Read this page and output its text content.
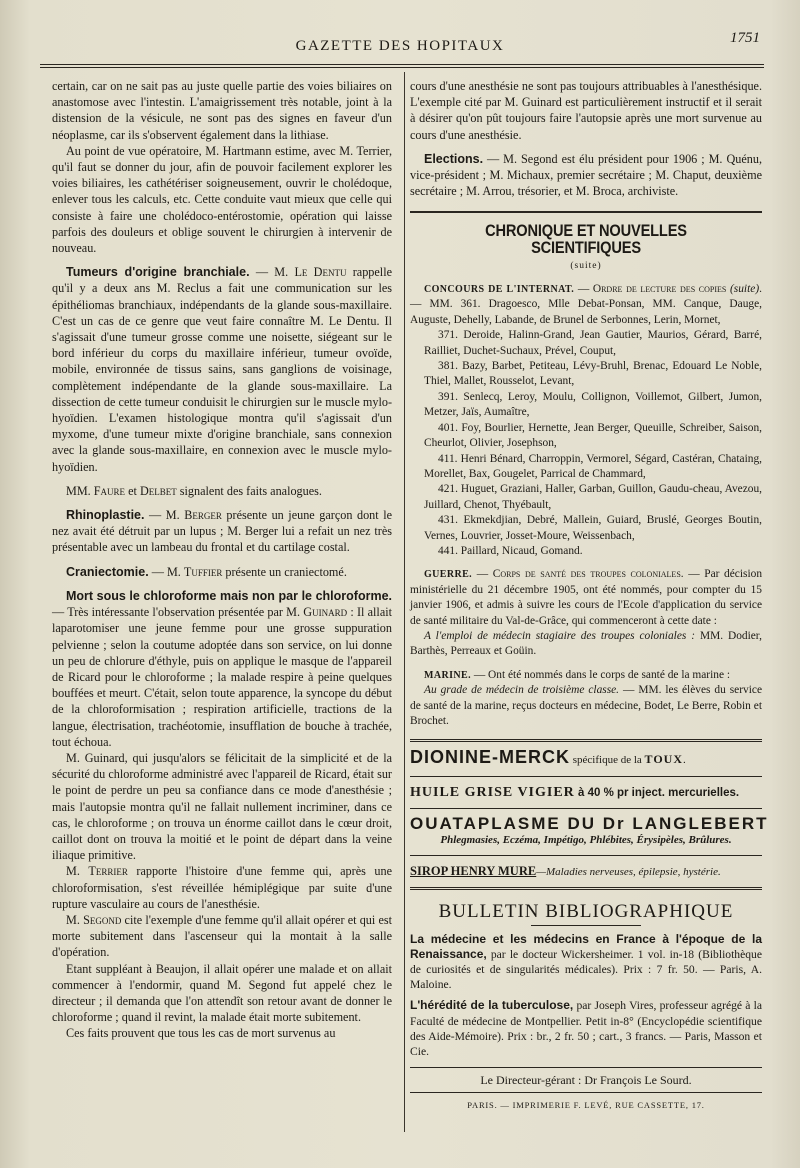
1751
GAZETTE DES HOPITAUX

certain, car on ne sait pas au juste quelle partie des voies biliaires on anastomose avec l'intestin. L'amaigrissement très notable, joint à la distension de la vésicule, ne sont pas des signes en faveur d'un néoplasme, car ils s'observent également dans la lithiase.

Au point de vue opératoire, M. Hartmann estime, avec M. Terrier, qu'il faut se donner du jour, afin de pouvoir facilement explorer les voies biliaires, les cathétériser soigneusement, ouvrir le cholédoque, enlever tous les calculs, etc. Cette conduite vaut mieux que celle qui consiste à faire une cholédoco-entérostomie, opération qui laisse parfois des douleurs et oblige souvent le chirurgien à intervenir de nouveau.

Tumeurs d'origine branchiale. — M. Le Dentu rappelle qu'il y a deux ans M. Reclus a fait une communication sur les épithéliomas branchiaux, indépendants de la glande sous-maxillaire. C'est un cas de ce genre que veut faire connaître M. Le Dentu. Il s'agissait d'une tumeur grosse comme une noisette, siégeant sur le bord inférieur du corps du maxillaire inférieur, tumeur ovoïde, mobile, environnée de tissus sains, sans ganglions de voisinage, complètement indépendante de la glande sous-maxillaire. La dissection de cette tumeur conduisit le chirurgien sur le muscle mylo-hyoïdien. L'examen histologique montra qu'il s'agissait d'un myxome, d'une tumeur mixte d'origine branchiale, sans connexion avec la glande sous-maxillaire, en connexion avec le muscle mylo-hyoïdien.

MM. Faure et Delbet signalent des faits analogues.

Rhinoplastie. — M. Berger présente un jeune garçon dont le nez avait été détruit par un lupus ; M. Berger lui a refait un nez très présentable avec un lambeau du frontal et du cartilage costal.

Craniectomie. — M. Tuffier présente un craniectomé.

Mort sous le chloroforme mais non par le chloroforme. — Très intéressante l'observation présentée par M. Guinard : Il allait laparotomiser une jeune femme pour une grosse suppuration pelvienne ; selon la coutume adoptée dans son service, on lui donne un peu de chlorure d'éthyle, puis on applique le masque de l'appareil de Ricard pour le chloroforme ; la malade respire à peine quelques bouffées et meurt. C'était, selon toute apparence, la syncope du début de la chloroformisation ; respiration artificielle, tractions de la langue, électrisation, trachéotomie, insufflation de bouche à trachée, tout échoua.

M. Guinard, qui jusqu'alors se félicitait de la simplicité et de la sécurité du chloroforme administré avec l'appareil de Ricard, était sur le point de perdre un peu sa confiance dans ce mode d'anesthésie ; mais l'autopsie montra qu'il ne fallait nullement incriminer, dans ce cas, le chloroforme ; on trouva un énorme caillot dans le cœur droit, caillot dont on trouva la moitié et le point de départ dans la veine iliaque primitive.

M. Terrier rapporte l'histoire d'une femme qui, après une chloroformisation, s'est réveillée hémiplégique par suite d'une rupture vasculaire au cours de l'anesthésie.

M. Segond cite l'exemple d'une femme qu'il allait opérer et qui est morte subitement dans l'ascenseur qui la montait à la salle d'opération.

Etant suppléant à Beaujon, il allait opérer une malade et on allait commencer à l'endormir, quand M. Segond fut appelé chez le directeur ; il demanda que l'on attendît son retour avant de donner le chloroforme ; quand il revint, la malade était morte subitement.

Ces faits prouvent que tous les cas de mort survenus au

cours d'une anesthésie ne sont pas toujours attribuables à l'anesthésique. L'exemple cité par M. Guinard est particulièrement instructif et il serait à désirer qu'on pût toujours faire l'autopsie après une mort survenue au cours d'une anesthésie.

Elections. — M. Segond est élu président pour 1906 ; M. Quénu, vice-président ; M. Michaux, premier secrétaire ; M. Chaput, deuxième secrétaire ; M. Arrou, trésorier, et M. Broca, archiviste.

CHRONIQUE ET NOUVELLES SCIENTIFIQUES
( suite )

CONCOURS DE L'INTERNAT. — Ordre de lecture des copies (suite). — MM. 361. Dragoesco, Mlle Debat-Ponsan, MM. Canque, Dauge, Auguste, Dehelly, Labande, de Brunel de Serbonnes, Lerin, Mornet,

371. Deroide, Halinn-Grand, Jean Gautier, Maurios, Gérard, Barré, Railliet, Duchet-Suchaux, Prével, Couput,

381. Bazy, Barbet, Petiteau, Lévy-Bruhl, Brenac, Edouard Le Noble, Thiel, Mallet, Rousselot, Levant,

391. Senlecq, Leroy, Moulu, Collignon, Voillemot, Gilbert, Jumon, Metzer, Jaïs, Aumaître,

401. Foy, Bourlier, Hernette, Jean Berger, Queuille, Schreiber, Saison, Cheurlot, Olivier, Josephson,

411. Henri Bénard, Charroppin, Vermorel, Ségard, Castéran, Chataing, Morellet, Bax, Gougelet, Parrical de Chammard,

421. Huguet, Graziani, Haller, Garban, Guillon, Gaudu-cheau, Avezou, Juillard, Chenot, Thyébault,

431. Ekmekdjian, Debré, Mallein, Guiard, Bruslé, Georges Boutin, Vernes, Louvrier, Josset-Moure, Weissenbach,

441. Paillard, Nicaud, Gomand.

GUERRE. — Corps de santé des troupes coloniales. — Par décision ministérielle du 21 décembre 1905, ont été nommés, pour compter du 15 janvier 1906, et admis à suivre les cours de l'Ecole d'application du service de santé militaire du Val-de-Grâce, qui commenceront à cette date :

A l'emploi de médecin stagiaire des troupes coloniales : MM. Dodier, Barthès, Perreaux et Goüin.

MARINE. — Ont été nommés dans le corps de santé de la marine :

Au grade de médecin de troisième classe. — MM. les élèves du service de santé de la marine, reçus docteurs en médecine, Bodet, Le Berre, Robin et Brochet.

DIONINE-MERCK spécifique de la TOUX.
HUILE GRISE VIGIER à 40 % pr inject. mercurielles.
OUATAPLASME DU Dr LANGLEBERT
Phlegmasies, Eczéma, Impétigo, Phlébites, Érysipèles, Brûlures.
SIROP HENRY MURE—Maladies nerveuses, épilepsie, hystérie.
BULLETIN BIBLIOGRAPHIQUE

La médecine et les médecins en France à l'époque de la Renaissance, par le docteur Wickersheimer. 1 vol. in-18 (Bibliothèque de curiosités et de singularités médicales). Prix : 7 fr. 50. — Paris, A. Maloine.

L'hérédité de la tuberculose, par Joseph Vires, professeur agrégé à la Faculté de médecine de Montpellier. Petit in-8° (Encyclopédie scientifique des Aide-Mémoire). Prix : br., 2 fr. 50 ; cart., 3 francs. — Paris, Masson et Cie.

Le Directeur-gérant : Dr François Le Sourd.
PARIS. — IMPRIMERIE F. LEVÉ, RUE CASSETTE, 17.
